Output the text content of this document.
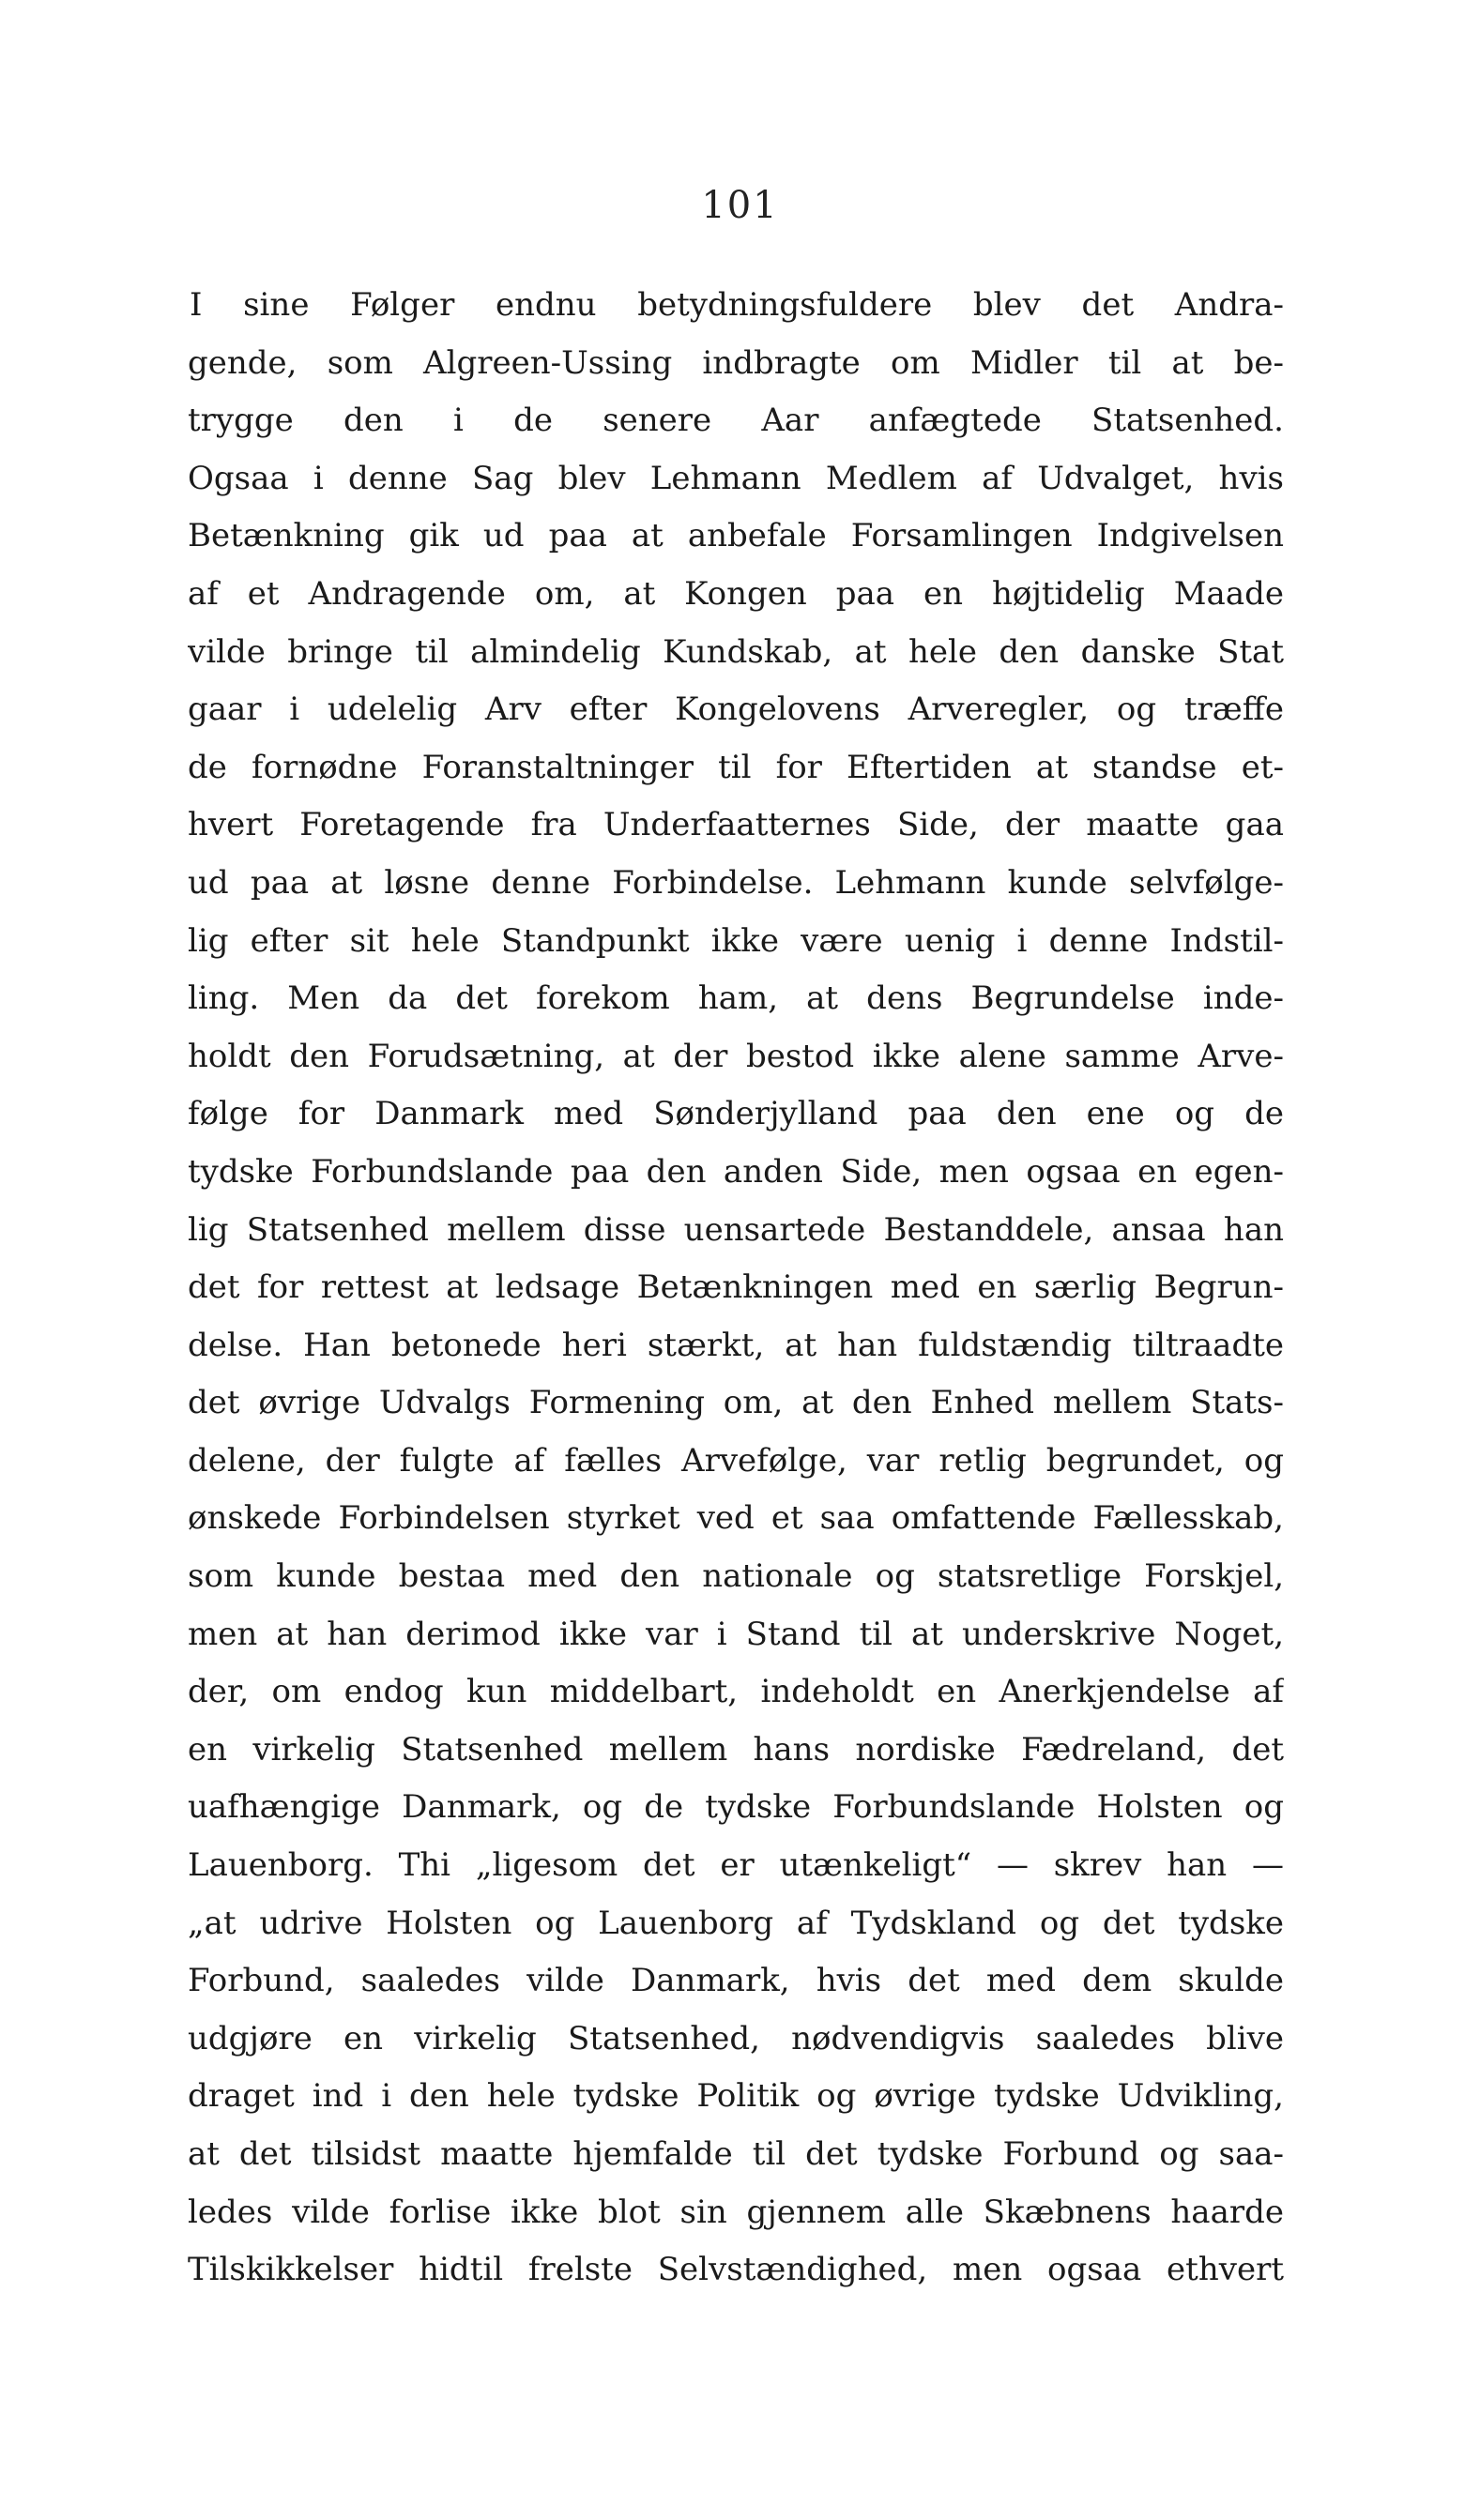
101
I sine Følger endnu betydningsfuldere blev det Andra-
gende, som Algreen-Ussing indbragte om Midler til at be-
trygge den i de senere Aar anfægtede Statsenhed.
Ogsaa i denne Sag blev Lehmann Medlem af Udvalget, hvis
Betænkning gik ud paa at anbefale Forsamlingen Indgivelsen
af et Andragende om, at Kongen paa en højtidelig Maade
vilde bringe til almindelig Kundskab, at hele den danske Stat
gaar i udelelig Arv efter Kongelovens Arveregler, og træffe
de fornødne Foranstaltninger til for Eftertiden at standse et-
hvert Foretagende fra Underfaatternes Side, der maatte gaa
ud paa at løsne denne Forbindelse. Lehmann kunde selvfølge-
lig efter sit hele Standpunkt ikke være uenig i denne Indstil-
ling. Men da det forekom ham, at dens Begrundelse inde-
holdt den Forudsætning, at der bestod ikke alene samme Arve-
følge for Danmark med Sønderjylland paa den ene og de
tydske Forbundslande paa den anden Side, men ogsaa en egen-
lig Statsenhed mellem disse uensartede Bestanddele, ansaa han
det for rettest at ledsage Betænkningen med en særlig Begrun-
delse. Han betonede heri stærkt, at han fuldstændig tiltraadte
det øvrige Udvalgs Formening om, at den Enhed mellem Stats-
delene, der fulgte af fælles Arvefølge, var retlig begrundet, og
ønskede Forbindelsen styrket ved et saa omfattende Fællesskab,
som kunde bestaa med den nationale og statsretlige Forskjel,
men at han derimod ikke var i Stand til at underskrive Noget,
der, om endog kun middelbart, indeholdt en Anerkjendelse af
en virkelig Statsenhed mellem hans nordiske Fædreland, det
uafhængige Danmark, og de tydske Forbundslande Holsten og
Lauenborg. Thi „ligesom det er utænkeligt“ — skrev han —
„at udrive Holsten og Lauenborg af Tydskland og det tydske
Forbund, saaledes vilde Danmark, hvis det med dem skulde
udgjøre en virkelig Statsenhed, nødvendigvis saaledes blive
draget ind i den hele tydske Politik og øvrige tydske Udvikling,
at det tilsidst maatte hjemfalde til det tydske Forbund og saa-
ledes vilde forlise ikke blot sin gjennem alle Skæbnens haarde
Tilskikkelser hidtil frelste Selvstændighed, men ogsaa ethvert
